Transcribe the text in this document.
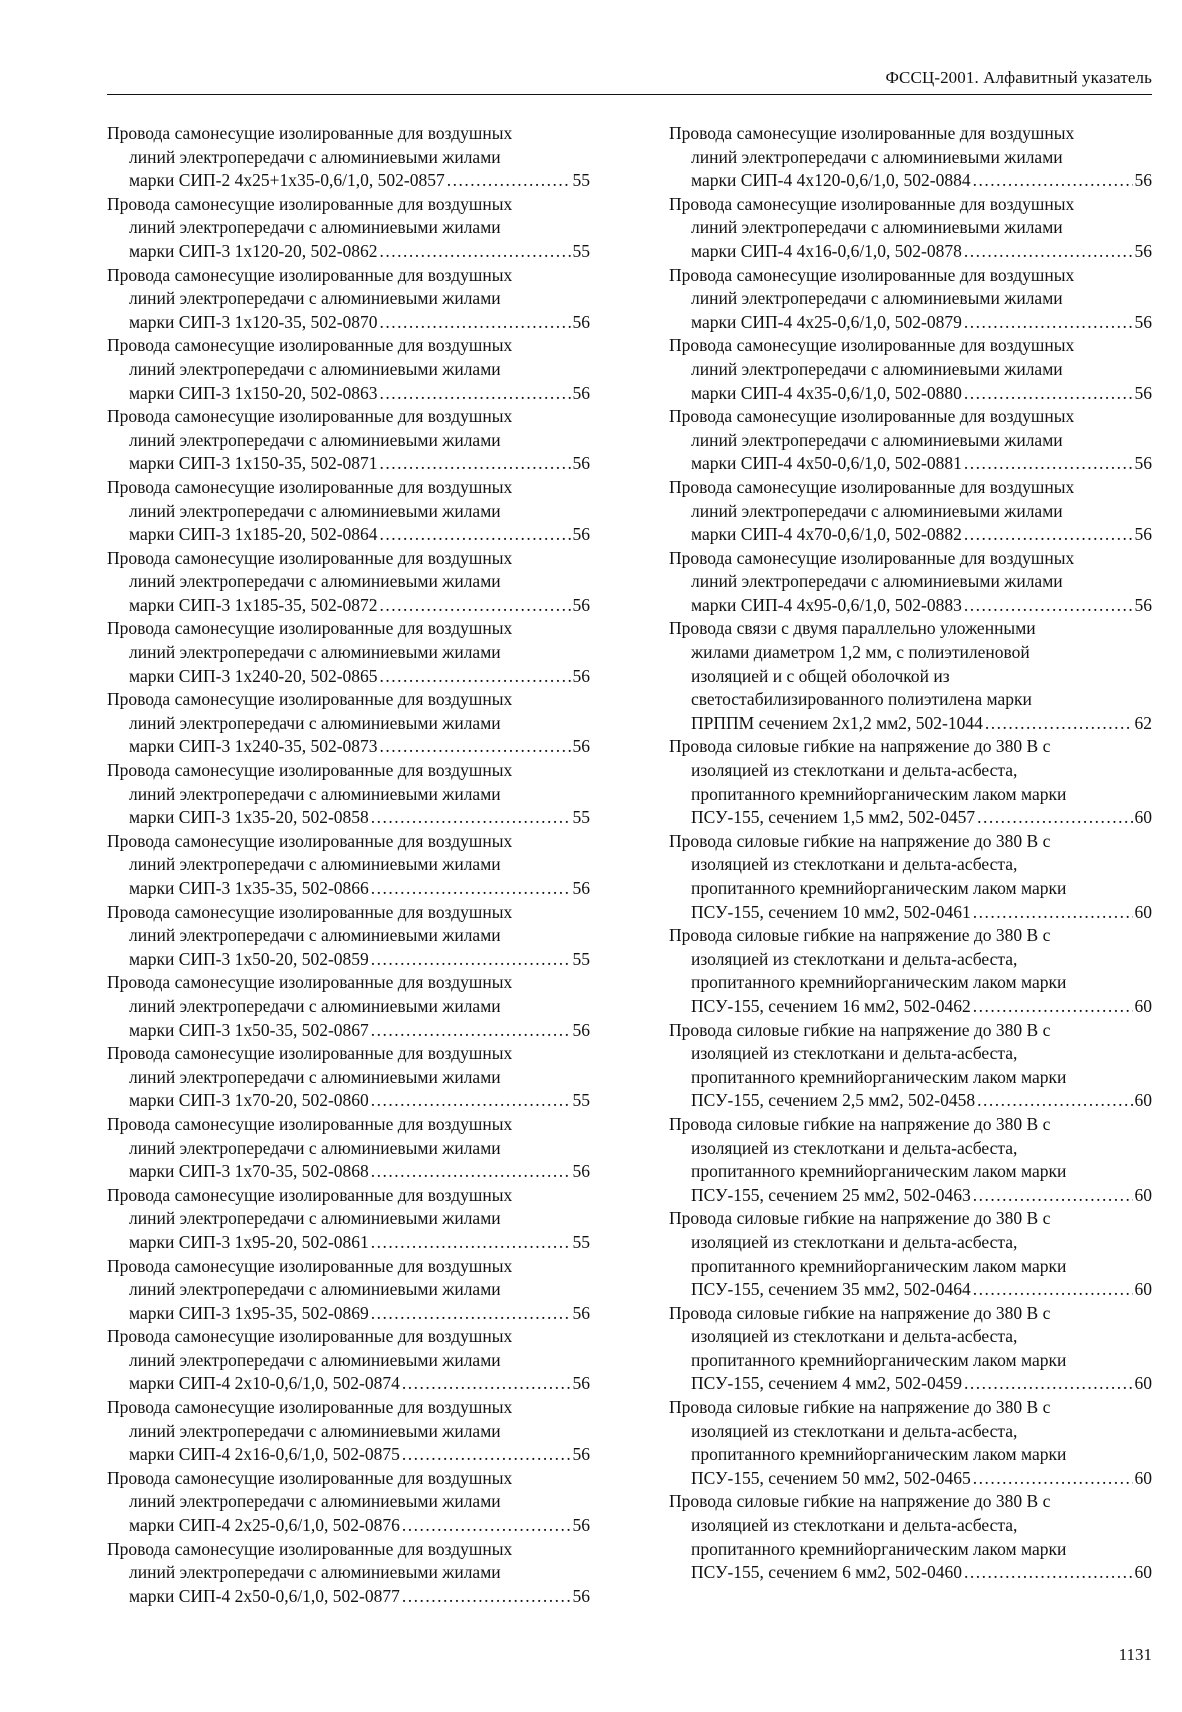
ФССЦ-2001. Алфавитный указатель
Провода самонесущие изолированные для воздушных
линий электропередачи с алюминиевыми жилами
марки СИП-2 4х25+1х35-0,6/1,0, 502-0857 .....	55
Провода самонесущие изолированные для воздушных
линий электропередачи с алюминиевыми жилами
марки СИП-3 1х120-20, 502-0862 .....	55
Провода самонесущие изолированные для воздушных
линий электропередачи с алюминиевыми жилами
марки СИП-3 1х120-35, 502-0870 .....	56
Провода самонесущие изолированные для воздушных
линий электропередачи с алюминиевыми жилами
марки СИП-3 1х150-20, 502-0863 .....	56
Провода самонесущие изолированные для воздушных
линий электропередачи с алюминиевыми жилами
марки СИП-3 1х150-35, 502-0871 .....	56
Провода самонесущие изолированные для воздушных
линий электропередачи с алюминиевыми жилами
марки СИП-3 1х185-20, 502-0864 .....	56
Провода самонесущие изолированные для воздушных
линий электропередачи с алюминиевыми жилами
марки СИП-3 1х185-35, 502-0872 .....	56
Провода самонесущие изолированные для воздушных
линий электропередачи с алюминиевыми жилами
марки СИП-3 1х240-20, 502-0865 .....	56
Провода самонесущие изолированные для воздушных
линий электропередачи с алюминиевыми жилами
марки СИП-3 1х240-35, 502-0873 .....	56
Провода самонесущие изолированные для воздушных
линий электропередачи с алюминиевыми жилами
марки СИП-3 1х35-20, 502-0858 .....	55
Провода самонесущие изолированные для воздушных
линий электропередачи с алюминиевыми жилами
марки СИП-3 1х35-35, 502-0866 .....	56
Провода самонесущие изолированные для воздушных
линий электропередачи с алюминиевыми жилами
марки СИП-3 1х50-20, 502-0859 .....	55
Провода самонесущие изолированные для воздушных
линий электропередачи с алюминиевыми жилами
марки СИП-3 1х50-35, 502-0867 .....	56
Провода самонесущие изолированные для воздушных
линий электропередачи с алюминиевыми жилами
марки СИП-3 1х70-20, 502-0860 .....	55
Провода самонесущие изолированные для воздушных
линий электропередачи с алюминиевыми жилами
марки СИП-3 1х70-35, 502-0868 .....	56
Провода самонесущие изолированные для воздушных
линий электропередачи с алюминиевыми жилами
марки СИП-3 1х95-20, 502-0861 .....	55
Провода самонесущие изолированные для воздушных
линий электропередачи с алюминиевыми жилами
марки СИП-3 1х95-35, 502-0869 .....	56
Провода самонесущие изолированные для воздушных
линий электропередачи с алюминиевыми жилами
марки СИП-4 2х10-0,6/1,0, 502-0874 .....	56
Провода самонесущие изолированные для воздушных
линий электропередачи с алюминиевыми жилами
марки СИП-4 2х16-0,6/1,0, 502-0875 .....	56
Провода самонесущие изолированные для воздушных
линий электропередачи с алюминиевыми жилами
марки СИП-4 2х25-0,6/1,0, 502-0876 .....	56
Провода самонесущие изолированные для воздушных
линий электропередачи с алюминиевыми жилами
марки СИП-4 2х50-0,6/1,0, 502-0877 .....	56
Провода самонесущие изолированные для воздушных
линий электропередачи с алюминиевыми жилами
марки СИП-4 4х120-0,6/1,0, 502-0884 .....	56
Провода самонесущие изолированные для воздушных
линий электропередачи с алюминиевыми жилами
марки СИП-4 4х16-0,6/1,0, 502-0878 .....	56
Провода самонесущие изолированные для воздушных
линий электропередачи с алюминиевыми жилами
марки СИП-4 4х25-0,6/1,0, 502-0879 .....	56
Провода самонесущие изолированные для воздушных
линий электропередачи с алюминиевыми жилами
марки СИП-4 4х35-0,6/1,0, 502-0880 .....	56
Провода самонесущие изолированные для воздушных
линий электропередачи с алюминиевыми жилами
марки СИП-4 4х50-0,6/1,0, 502-0881 .....	56
Провода самонесущие изолированные для воздушных
линий электропередачи с алюминиевыми жилами
марки СИП-4 4х70-0,6/1,0, 502-0882 .....	56
Провода самонесущие изолированные для воздушных
линий электропередачи с алюминиевыми жилами
марки СИП-4 4х95-0,6/1,0, 502-0883 .....	56
Провода связи с двумя параллельно уложенными
жилами диаметром 1,2 мм, с полиэтиленовой
изоляцией и с общей оболочкой из
светостабилизированного полиэтилена марки
ПРППМ сечением 2х1,2 мм2, 502-1044 .....	62
Провода силовые гибкие на напряжение до 380 В с
изоляцией из стеклоткани и дельта-асбеста,
пропитанного кремнийорганическим лаком марки
ПСУ-155, сечением 1,5 мм2, 502-0457 .....	60
Провода силовые гибкие на напряжение до 380 В с
изоляцией из стеклоткани и дельта-асбеста,
пропитанного кремнийорганическим лаком марки
ПСУ-155, сечением 10 мм2, 502-0461 .....	60
Провода силовые гибкие на напряжение до 380 В с
изоляцией из стеклоткани и дельта-асбеста,
пропитанного кремнийорганическим лаком марки
ПСУ-155, сечением 16 мм2, 502-0462 .....	60
Провода силовые гибкие на напряжение до 380 В с
изоляцией из стеклоткани и дельта-асбеста,
пропитанного кремнийорганическим лаком марки
ПСУ-155, сечением 2,5 мм2, 502-0458 .....	60
Провода силовые гибкие на напряжение до 380 В с
изоляцией из стеклоткани и дельта-асбеста,
пропитанного кремнийорганическим лаком марки
ПСУ-155, сечением 25 мм2, 502-0463 .....	60
Провода силовые гибкие на напряжение до 380 В с
изоляцией из стеклоткани и дельта-асбеста,
пропитанного кремнийорганическим лаком марки
ПСУ-155, сечением 35 мм2, 502-0464 .....	60
Провода силовые гибкие на напряжение до 380 В с
изоляцией из стеклоткани и дельта-асбеста,
пропитанного кремнийорганическим лаком марки
ПСУ-155, сечением 4 мм2, 502-0459 .....	60
Провода силовые гибкие на напряжение до 380 В с
изоляцией из стеклоткани и дельта-асбеста,
пропитанного кремнийорганическим лаком марки
ПСУ-155, сечением 50 мм2, 502-0465 .....	60
Провода силовые гибкие на напряжение до 380 В с
изоляцией из стеклоткани и дельта-асбеста,
пропитанного кремнийорганическим лаком марки
ПСУ-155, сечением 6 мм2, 502-0460 .....	60
1131
